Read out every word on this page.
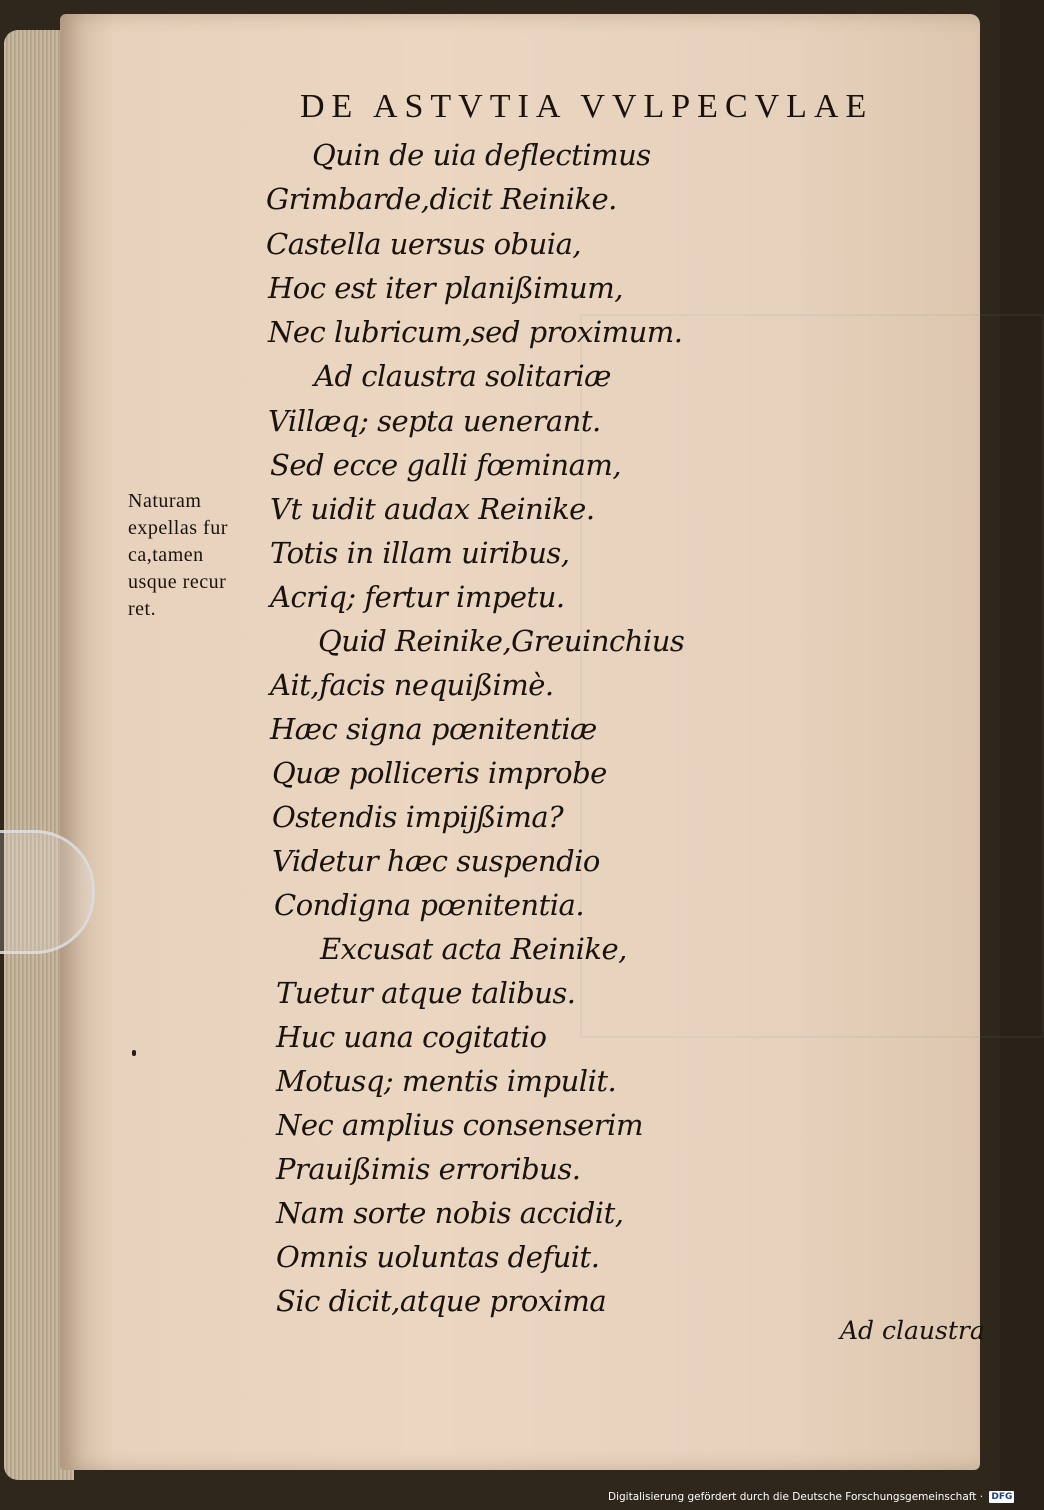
DE ASTVTIA VVLPECVLAE
Quin de uia deflectimus
Grimbarde,dicit Reinike.
Castella uersus obuia,
Hoc est iter planißimum,
Nec lubricum,sed proximum.
Ad claustra solitariæ
Villæq; septa uenerant.
Sed ecce galli fœminam,
Vt uidit audax Reinike.
Totis in illam uiribus,
Acriq; fertur impetu.
Quid Reinike,Greuinchius
Ait,facis nequißimè.
Hæc signa pœnitentiæ
Quæ polliceris improbe
Ostendis impijßima?
Videtur hæc suspendio
Condigna pœnitentia.
Excusat acta Reinike,
Tuetur atque talibus.
Huc uana cogitatio
Motusq; mentis impulit.
Nec amplius consenserim
Prauißimis erroribus.
Nam sorte nobis accidit,
Omnis uoluntas defuit.
Sic dicit,atque proxima
Naturam
expellas fur
ca,tamen
usque recur
ret.
Ad claustra
Digitalisierung gefördert durch die Deutsche Forschungsgemeinschaft · DFG
